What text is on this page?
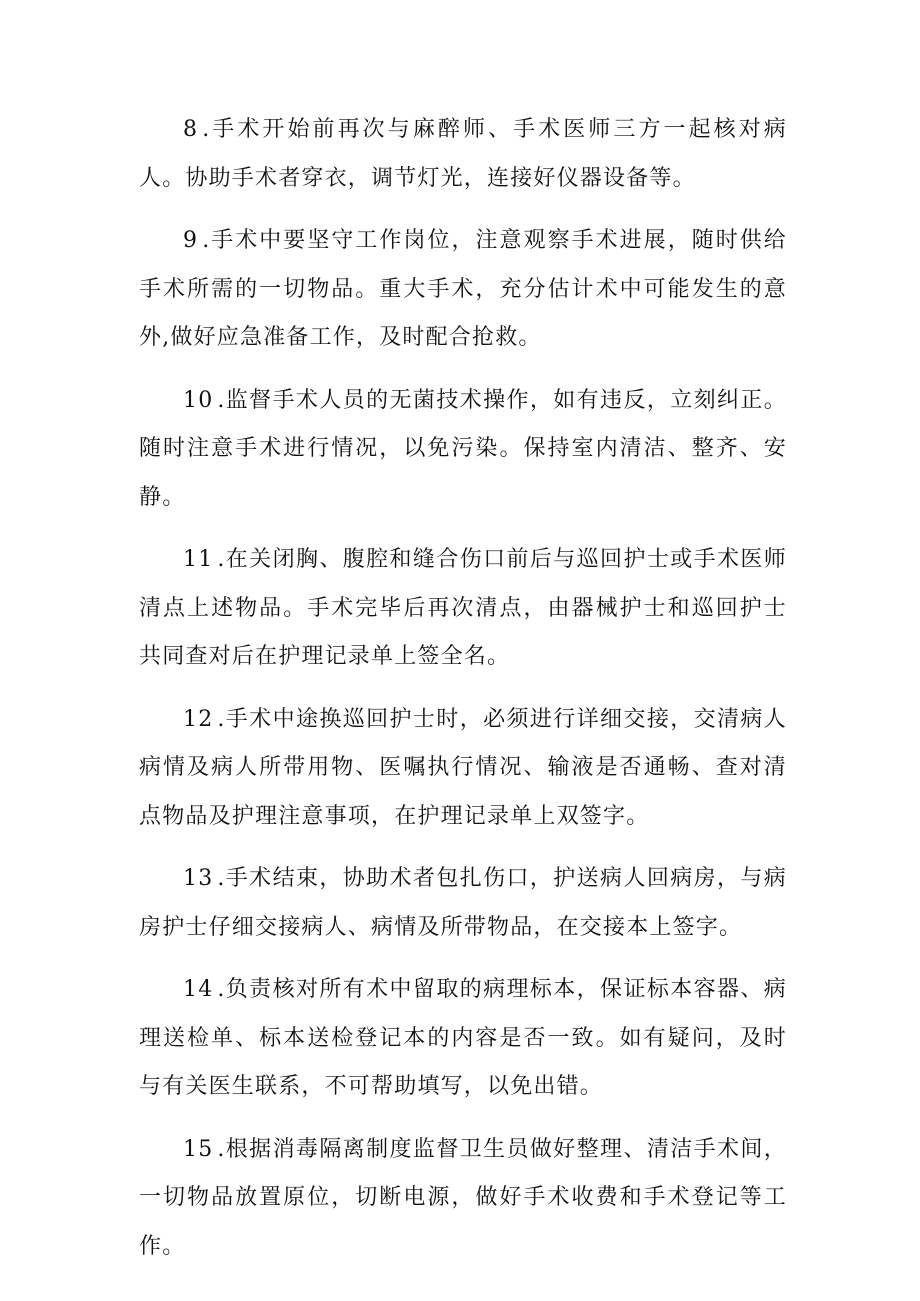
8 .手术开始前再次与麻醉师、手术医师三方一起核对病人。协助手术者穿衣，调节灯光，连接好仪器设备等。

9 .手术中要坚守工作岗位，注意观察手术进展，随时供给手术所需的一切物品。重大手术，充分估计术中可能发生的意外,做好应急准备工作，及时配合抢救。

10 .监督手术人员的无菌技术操作，如有违反，立刻纠正。随时注意手术进行情况，以免污染。保持室内清洁、整齐、安静。

11 .在关闭胸、腹腔和缝合伤口前后与巡回护士或手术医师清点上述物品。手术完毕后再次清点，由器械护士和巡回护士共同查对后在护理记录单上签全名。

12 .手术中途换巡回护士时，必须进行详细交接，交清病人病情及病人所带用物、医嘱执行情况、输液是否通畅、查对清点物品及护理注意事项，在护理记录单上双签字。

13 .手术结束，协助术者包扎伤口，护送病人回病房，与病房护士仔细交接病人、病情及所带物品，在交接本上签字。

14 .负责核对所有术中留取的病理标本，保证标本容器、病理送检单、标本送检登记本的内容是否一致。如有疑问，及时与有关医生联系，不可帮助填写，以免出错。

15 .根据消毒隔离制度监督卫生员做好整理、清洁手术间，一切物品放置原位，切断电源，做好手术收费和手术登记等工作。
